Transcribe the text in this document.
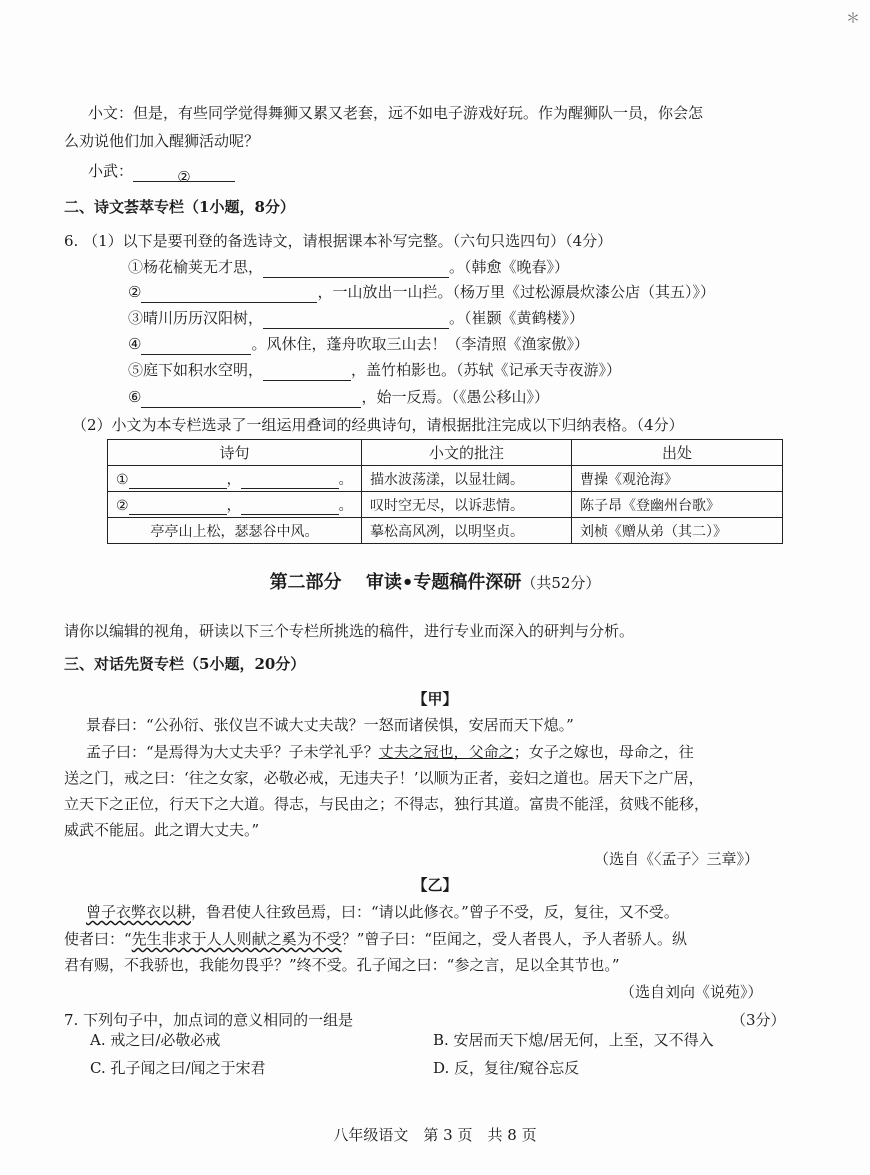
＊
小文：但是，有些同学觉得舞狮又累又老套，远不如电子游戏好玩。作为醒狮队一员，你会怎
么劝说他们加入醒狮活动呢？
小武：	②
二、诗文荟萃专栏（1小题，8分）
6. （1）以下是要刊登的备选诗文，请根据课本补写完整。（六句只选四句）（4分）
①杨花榆荚无才思，	。（韩愈《晚春》）
②	，一山放出一山拦。（杨万里《过松源晨炊漆公店（其五）》）
③晴川历历汉阳树，	。（崔颢《黄鹤楼》）
④	。风休住，蓬舟吹取三山去！（李清照《渔家傲》）
⑤庭下如积水空明，	，盖竹柏影也。（苏轼《记承天寺夜游》）
⑥	，始一反焉。（《愚公移山》）
（2）小文为本专栏选录了一组运用叠词的经典诗句，请根据批注完成以下归纳表格。（4分）
诗句	小文的批注	出处
① ， 。	描水波荡漾，以显壮阔。	曹操《观沧海》
② ， 。	叹时空无尽，以诉悲情。	陈子昂《登幽州台歌》
亭亭山上松，瑟瑟谷中风。	摹松高风冽，以明坚贞。	刘桢《赠从弟（其二）》
第二部分　 审读•专题稿件深研（共52分）
请你以编辑的视角，研读以下三个专栏所挑选的稿件，进行专业而深入的研判与分析。
三、对话先贤专栏（5小题，20分）
【甲】
景春曰：“公孙衍、张仪岂不诚大丈夫哉？一怒而诸侯惧，安居而天下熄。”
孟子曰：“是焉得为大丈夫乎？子未学礼乎？丈夫之冠也，父命之；女子之嫁也，母命之，往
送之门，戒之曰：‘往之女家，必敬必戒，无违夫子！’以顺为正者，妾妇之道也。居天下之广居，
立天下之正位，行天下之大道。得志，与民由之；不得志，独行其道。富贵不能淫，贫贱不能移，
威武不能屈。此之谓大丈夫。”
（选自《〈孟子〉三章》）
【乙】
曾子衣弊衣以耕，鲁君使人往致邑焉，曰：“请以此修衣。”曾子不受，反，复往，又不受。
使者曰：“先生非求于人人则献之奚为不受？”曾子曰：“臣闻之，受人者畏人，予人者骄人。纵
君有赐，不我骄也，我能勿畏乎？”终不受。孔子闻之曰：“参之言，足以全其节也。”
（选自刘向《说苑》）
7. 下列句子中，加点词的意义相同的一组是	（3分）
A. 戒之曰/必敬必戒	B. 安居而天下熄/居无何，上至，又不得入
C. 孔子闻之曰/闻之于宋君	D. 反，复往/窥谷忘反
八年级语文　第 3 页　共 8 页
